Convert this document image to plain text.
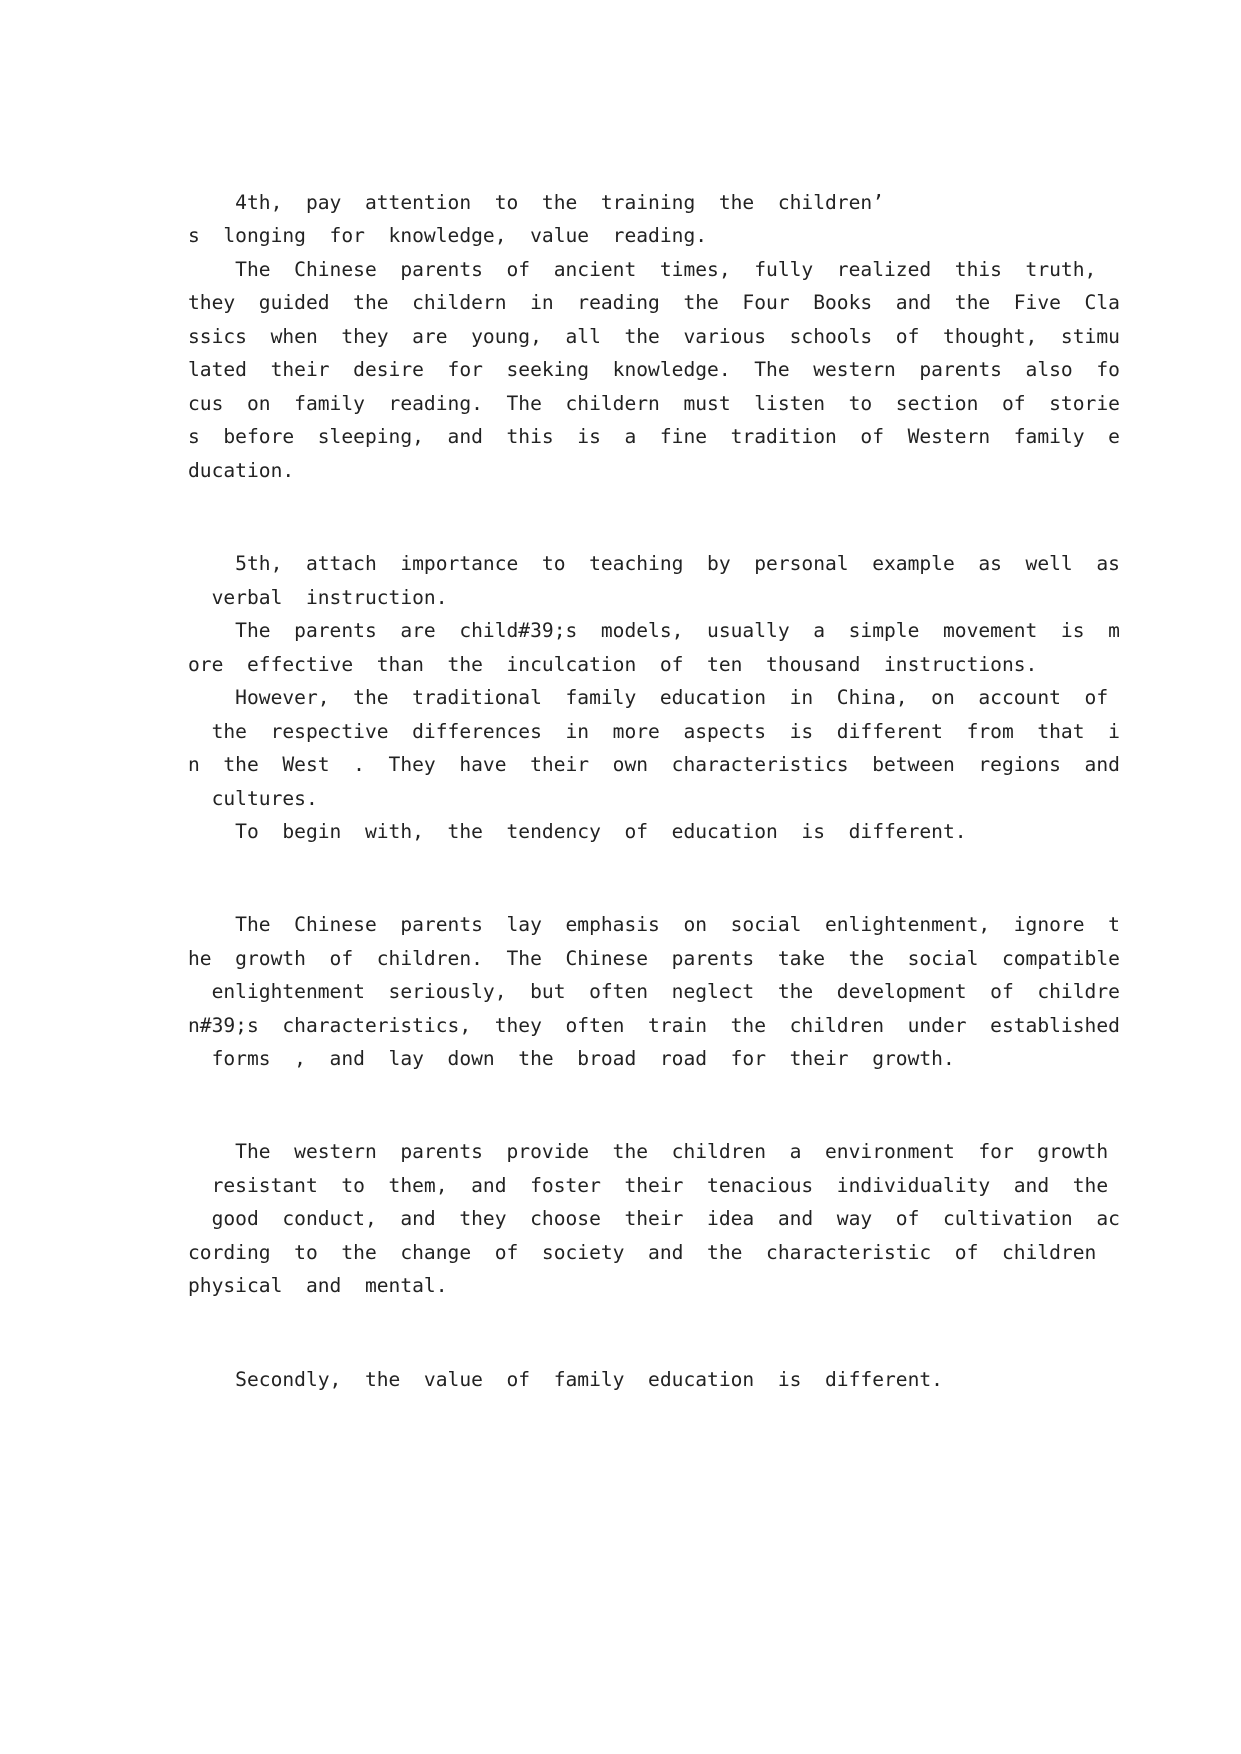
4th,  pay  attention  to  the  training  the  children’
s  longing  for  knowledge,  value  reading.
The  Chinese  parents  of  ancient  times,  fully  realized  this  truth,
they  guided  the  childern  in  reading  the  Four  Books  and  the  Five  Cla
ssics  when  they  are  young,  all  the  various  schools  of  thought,  stimu
lated  their  desire  for  seeking  knowledge.  The  western  parents  also  fo
cus  on  family  reading.  The  childern  must  listen  to  section  of  storie
s  before  sleeping,  and  this  is  a  fine  tradition  of  Western  family  e
ducation.
5th,  attach  importance  to  teaching  by  personal  example  as  well  as
verbal  instruction.
The  parents  are  child#39;s  models,  usually  a  simple  movement  is  m
ore  effective  than  the  inculcation  of  ten  thousand  instructions.
However,  the  traditional  family  education  in  China,  on  account  of
the  respective  differences  in  more  aspects  is  different  from  that  i
n  the  West  .  They  have  their  own  characteristics  between  regions  and
cultures.
To  begin  with,  the  tendency  of  education  is  different.
The  Chinese  parents  lay  emphasis  on  social  enlightenment,  ignore  t
he  growth  of  children.  The  Chinese  parents  take  the  social  compatible
enlightenment  seriously,  but  often  neglect  the  development  of  childre
n#39;s  characteristics,  they  often  train  the  children  under  established
forms  ,  and  lay  down  the  broad  road  for  their  growth.
The  western  parents  provide  the  children  a  environment  for  growth
resistant  to  them,  and  foster  their  tenacious  individuality  and  the
good  conduct,  and  they  choose  their  idea  and  way  of  cultivation  ac
cording  to  the  change  of  society  and  the  characteristic  of  children
physical  and  mental.
Secondly,  the  value  of  family  education  is  different.
